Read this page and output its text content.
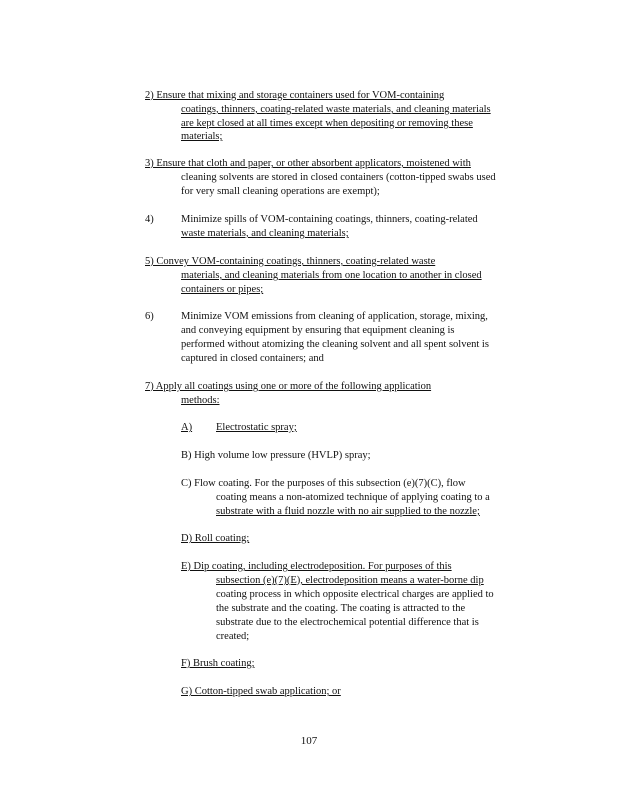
2) Ensure that mixing and storage containers used for VOM-containing
coatings, thinners, coating-related waste materials, and cleaning materials
are kept closed at all times except when depositing or removing these
materials;
3) Ensure that cloth and paper, or other absorbent applicators, moistened with
cleaning solvents are stored in closed containers (cotton-tipped swabs used
for very small cleaning operations are exempt);
4)	Minimize spills of VOM-containing coatings, thinners, coating-related
waste materials, and cleaning materials;
5) Convey VOM-containing coatings, thinners, coating-related waste
materials, and cleaning materials from one location to another in closed
containers or pipes;
6)	Minimize VOM emissions from cleaning of application, storage, mixing,
and conveying equipment by ensuring that equipment cleaning is
performed without atomizing the cleaning solvent and all spent solvent is
captured in closed containers; and
7) Apply all coatings using one or more of the following application
methods:
A) Electrostatic spray;
B) High volume low pressure (HVLP) spray;
C) Flow coating. For the purposes of this subsection (e)(7)(C), flow
coating means a non-atomized technique of applying coating to a
substrate with a fluid nozzle with no air supplied to the nozzle;
D) Roll coating;
E) Dip coating, including electrodeposition. For purposes of this
subsection (e)(7)(E), electrodeposition means a water-borne dip
coating process in which opposite electrical charges are applied to
the substrate and the coating. The coating is attracted to the
substrate due to the electrochemical potential difference that is
created;
F) Brush coating;
G) Cotton-tipped swab application; or
107
